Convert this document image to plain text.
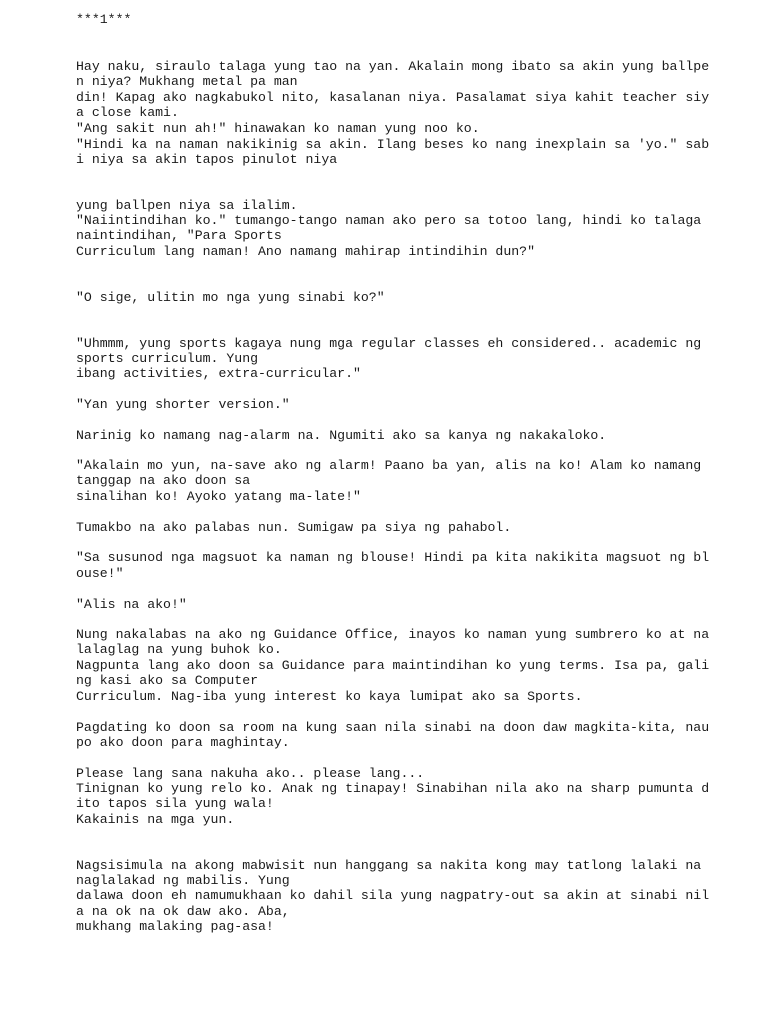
***1***

Hay naku, siraulo talaga yung tao na yan. Akalain mong ibato sa akin yung ballpe

n niya? Mukhang metal pa man

din! Kapag ako nagkabukol nito, kasalanan niya. Pasalamat siya kahit teacher siy

a close kami.

"Ang sakit nun ah!" hinawakan ko naman yung noo ko.

"Hindi ka na naman nakikinig sa akin. Ilang beses ko nang inexplain sa 'yo." sab

i niya sa akin tapos pinulot niya

yung ballpen niya sa ilalim.

"Naiintindihan ko." tumango-tango naman ako pero sa totoo lang, hindi ko talaga

naintindihan, "Para Sports

Curriculum lang naman! Ano namang mahirap intindihin dun?"

"O sige, ulitin mo nga yung sinabi ko?"

"Uhmmm, yung sports kagaya nung mga regular classes eh considered.. academic ng

sports curriculum. Yung

ibang activities, extra-curricular."

"Yan yung shorter version."

Narinig ko namang nag-alarm na. Ngumiti ako sa kanya ng nakakaloko.

"Akalain mo yun, na-save ako ng alarm! Paano ba yan, alis na ko! Alam ko namang

tanggap na ako doon sa

sinalihan ko! Ayoko yatang ma-late!"

Tumakbo na ako palabas nun. Sumigaw pa siya ng pahabol.

"Sa susunod nga magsuot ka naman ng blouse! Hindi pa kita nakikita magsuot ng bl

ouse!"

"Alis na ako!"

Nung nakalabas na ako ng Guidance Office, inayos ko naman yung sumbrero ko at na

lalaglag na yung buhok ko.

Nagpunta lang ako doon sa Guidance para maintindihan ko yung terms. Isa pa, gali

ng kasi ako sa Computer

Curriculum. Nag-iba yung interest ko kaya lumipat ako sa Sports.

Pagdating ko doon sa room na kung saan nila sinabi na doon daw magkita-kita, nau

po ako doon para maghintay.

Please lang sana nakuha ako.. please lang...

Tinignan ko yung relo ko. Anak ng tinapay! Sinabihan nila ako na sharp pumunta d

ito tapos sila yung wala!

Kakainis na mga yun.

Nagsisimula na akong mabwisit nun hanggang sa nakita kong may tatlong lalaki na

naglalakad ng mabilis. Yung

dalawa doon eh namumukhaan ko dahil sila yung nagpatry-out sa akin at sinabi nil

a na ok na ok daw ako. Aba,

mukhang malaking pag-asa!
